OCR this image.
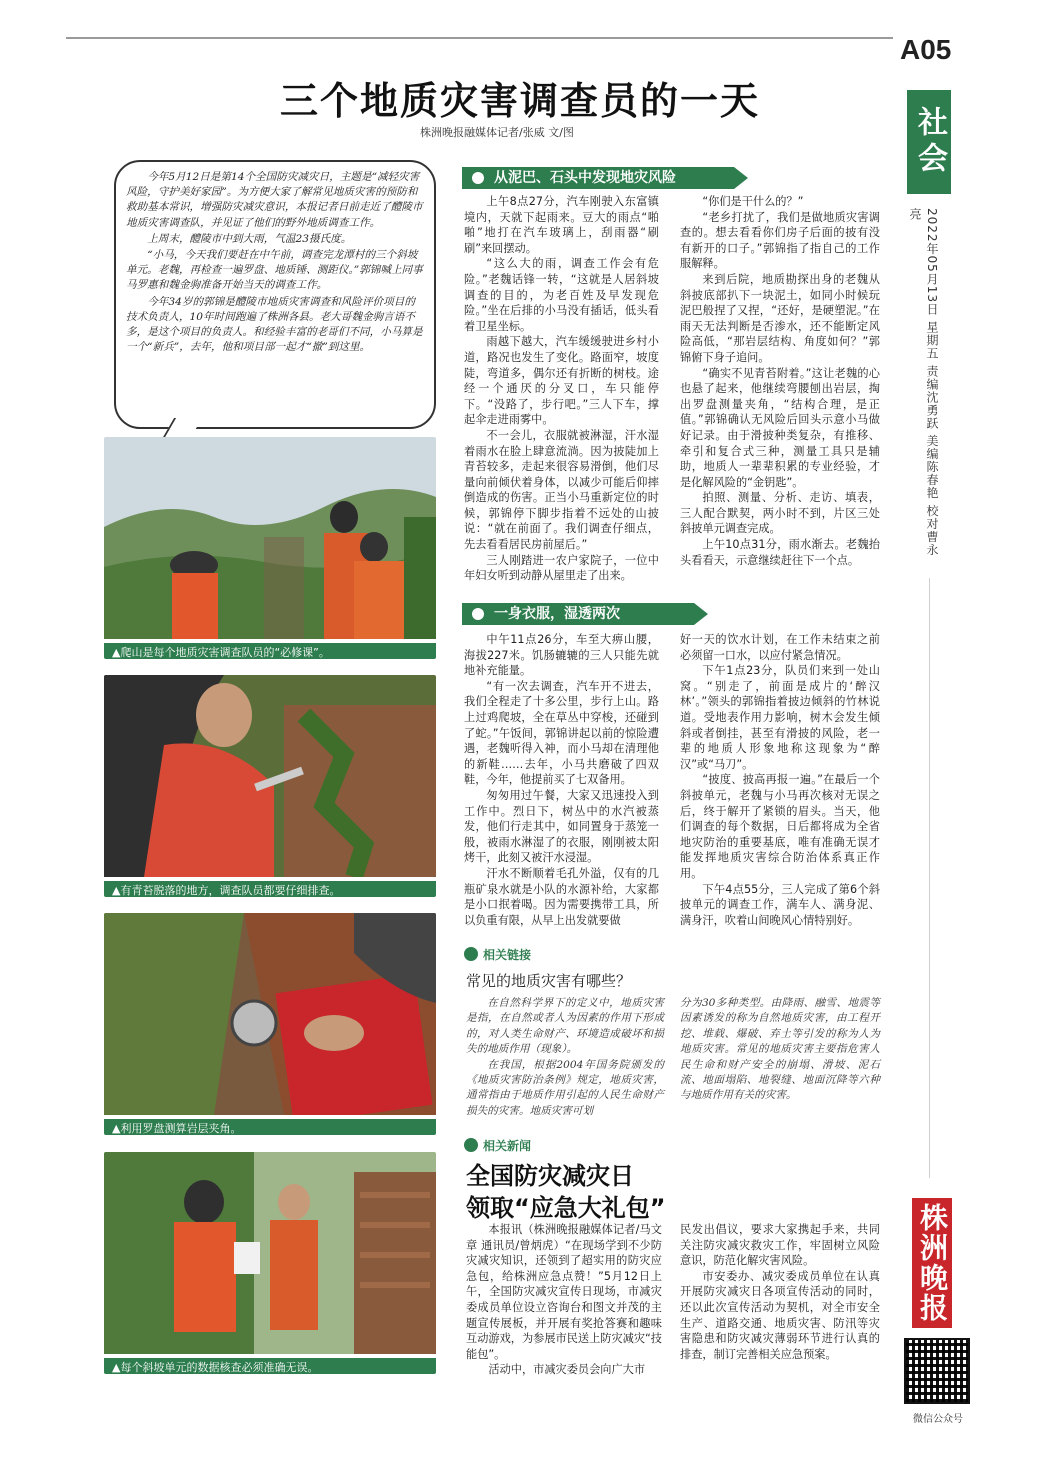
A05
社会
2022年05月13日 星期五 责编沈勇跃 美编陈春艳 校对曹永亮
株洲晚报
微信公众号
三个地质灾害调查员的一天
株洲晚报融媒体记者/张威 文/图

今年5月12日是第14个全国防灾减灾日，主题是“减轻灾害风险，守护美好家园”。为方便大家了解常见地质灾害的预防和救助基本常识，增强防灾减灾意识，本报记者日前走近了醴陵市地质灾害调查队，并见证了他们的野外地质调查工作。

上周末，醴陵市中到大雨，气温23摄氏度。

“小马，今天我们要赶在中午前，调查完龙潭村的三个斜坡单元。老魏，再检查一遍罗盘、地质锤、测距仪。”郭锦喊上同事马罗惠和魏金驹准备开始当天的调查工作。

今年34岁的郭锦是醴陵市地质灾害调查和风险评价项目的技术负责人，10年时间跑遍了株洲各县。老大哥魏金驹言语不多，是这个项目的负责人。和经验丰富的老哥们不同，小马算是一个“新兵”，去年，他和项目部一起才“撤”到这里。

▲爬山是每个地质灾害调查队员的“必修课”。
▲有青苔脱落的地方，调查队员都要仔细排查。
▲利用罗盘测算岩层夹角。
▲每个斜坡单元的数据核查必须准确无误。
从泥巴、石头中发现地灾风险

上午8点27分，汽车刚驶入东富镇境内，天就下起雨来。豆大的雨点“啪啪”地打在汽车玻璃上，刮雨器“刷刷”来回摆动。

“这么大的雨，调查工作会有危险。”老魏话锋一转，“这就是人居斜坡调查的目的，为老百姓及早发现危险。”坐在后排的小马没有插话，低头看着卫星坐标。

雨越下越大，汽车缓缓驶进乡村小道，路况也发生了变化。路面窄，坡度陡，弯道多，偶尔还有折断的树枝。途经一个通厌的分叉口，车只能停下。“没路了，步行吧。”三人下车，撑起伞走进雨雾中。

不一会儿，衣服就被淋湿，汗水湿着雨水在脸上肆意流淌。因为披陡加上青苔较多，走起来很容易滑倒，他们尽量向前倾伏着身体，以减少可能后仰摔倒造成的伤害。正当小马重新定位的时候，郭锦停下脚步指着不远处的山披说：“就在前面了。我们调查仔细点，先去看看居民房前屋后。”

三人刚踏进一农户家院子，一位中年妇女听到动静从屋里走了出来。

“你们是干什么的？”

“老乡打扰了，我们是做地质灾害调查的。想去看看你们房子后面的披有没有新开的口子。”郭锦指了指自己的工作服解释。

来到后院，地质勘探出身的老魏从斜披底部扒下一块泥土，如同小时候玩泥巴般捏了又捏，“还好，是硬塑泥。”在雨天无法判断是否渗水，还不能断定风险高低，“那岩层结构、角度如何？”郭锦俯下身子追问。

“确实不见青苔附着。”这让老魏的心也悬了起来，他继续弯腰刨出岩层，掏出罗盘测量夹角，“结构合理，是正值。”郭锦确认无风险后回头示意小马做好记录。由于滑披种类复杂，有推移、牵引和复合式三种，测量工具只是辅助，地质人一辈辈积累的专业经验，才是化解风险的“金钥匙”。

拍照、测量、分析、走访、填表，三人配合默契，两小时不到，片区三处斜披单元调查完成。

上午10点31分，雨水渐去。老魏抬头看看天，示意继续赶往下一个点。

一身衣服，湿透两次

中午11点26分，车至大痹山腰，海拔227米。饥肠辘辘的三人只能先就地补充能量。

“有一次去调查，汽车开不进去，我们全程走了十多公里，步行上山。路上过鸡爬坡，全在草丛中穿梭，还碰到了蛇。”午饭间，郭锦讲起以前的惊险遭遇，老魏听得入神，而小马却在清理他的新鞋……去年，小马共磨破了四双鞋，今年，他提前买了七双备用。

匆匆用过午餐，大家又迅速投入到工作中。烈日下，树丛中的水汽被蒸发，他们行走其中，如同置身于蒸笼一般，被雨水淋湿了的衣服，刚刚被太阳烤干，此刻又被汗水浸湿。

汗水不断顺着毛孔外溢，仅有的几瓶矿泉水就是小队的水源补给，大家都是小口抿着喝。因为需要携带工具，所以负重有限，从早上出发就要做

好一天的饮水计划，在工作未结束之前必须留一口水，以应付紧急情况。

下午1点23分，队员们来到一处山窝。“别走了，前面是成片的‘醉汉林’。”领头的郭锦指着披边倾斜的竹林说道。受地表作用力影响，树木会发生倾斜或者倒挂，甚至有滑披的风险，老一辈的地质人形象地称这现象为“醉汉”或“马刀”。

“披度、披高再报一遍。”在最后一个斜披单元，老魏与小马再次核对无误之后，终于解开了紧锁的眉头。当天，他们调查的每个数据，日后都将成为全省地灾防治的重要基底，唯有准确无误才能发挥地质灾害综合防治体系真正作用。

下午4点55分，三人完成了第6个斜披单元的调查工作，满车人、满身泥、满身汗，吹着山间晚风心情特别好。

相关链接
常见的地质灾害有哪些？

在自然科学界下的定义中，地质灾害是指，在自然或者人为因素的作用下形成的，对人类生命财产、环境造成破坏和损失的地质作用（现象）。

在我国，根据2004年国务院颁发的《地质灾害防治条例》规定，地质灾害，通常指由于地质作用引起的人民生命财产损失的灾害。地质灾害可划

分为30多种类型。由降雨、融雪、地震等因素诱发的称为自然地质灾害，由工程开挖、堆载、爆破、弃土等引发的称为人为地质灾害。常见的地质灾害主要指危害人民生命和财产安全的崩塌、滑坡、泥石流、地面塌陷、地裂缝、地面沉降等六种与地质作用有关的灾害。

相关新闻
全国防灾减灾日
领取“应急大礼包”

本报讯（株洲晚报融媒体记者/马文章 通讯员/曾炳虎）“在现场学到不少防灾减灾知识，还领到了超实用的防灾应急包，给株洲应急点赞！”5月12日上午，全国防灾减灾宣传日现场，市减灾委成员单位设立咨询台和图文并茂的主题宣传展板，并开展有奖抢答赛和趣味互动游戏，为参展市民送上防灾减灾“技能包”。

活动中，市减灾委员会向广大市

民发出倡议，要求大家携起手来，共同关注防灾减灾救灾工作，牢固树立风险意识，防范化解灾害风险。

市安委办、减灾委成员单位在认真开展防灾减灾日各项宣传活动的同时，还以此次宣传活动为契机，对全市安全生产、道路交通、地质灾害、防汛等灾害隐患和防灾减灾薄弱环节进行认真的排查，制订完善相关应急预案。
